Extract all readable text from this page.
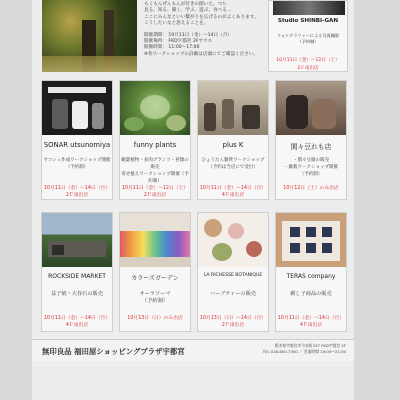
もくもんぜんもんが付きの開いた。つち
見る、知る、聞く、学ぶ、遊ぶ。食べる…
ここにみんなといい繋がりを広げるのがよくあります。
こうしたいなと思えることを。
開催期間： 10月11日（金）〜14日（月）
開催場所： FKD宇都宮 2Fサウス
開催時間： 11:00〜17:00
※各ワークショップの詳細は店頭にてご確認ください。
Studio SHINBI-GAN
フォトグラファーによる写真撮影
（予約制）
10月11日（金）〜12日（土）
2Ｆ南出店
SONAR utsunomiya
サコシュ作成ワークショップ開催
（予約制）
10月11日（金）〜14日（月）
2Ｆ南出店
funny plants
観葉植物・多肉プランツ・苔類の販売
寄せ植えワークショップ開催（予約制）
10月11日（金）〜12日（土）
2Ｆ南出店
plus K
ひょうたん雑貨ワークショップ
（予約は当店にて受付）
10月11日（金）〜14日（月）
4Ｆ南出店
閑々豆れも店
・閑々豆腐の販売
・雑穀ワークショップ開催
（予約制）
10月12日（土）のみ出店
ROCKSIDE MARKET
益子焼・大谷石の販売
10月11日（金）〜14日（月）
4Ｆ南出店
カラーズガーデン
オーラソーマ
（予約制）
10月13日（日）のみ出店
LA RICHESSE BOTANIQUE
ハーブティーの販売
10月13日（日）〜14日（月）
2Ｆ南出店
TERAS company
刺し子商品の販売
10月11日（金）〜14日（月）
4Ｆ南出店
無印良品 福田屋ショッピングプラザ宇都宮
栃木県宇都宮市今泉町237 FKD宇都宮 2F
TEL 028-600-7300 ／ 営業時間 10:00〜21:00
